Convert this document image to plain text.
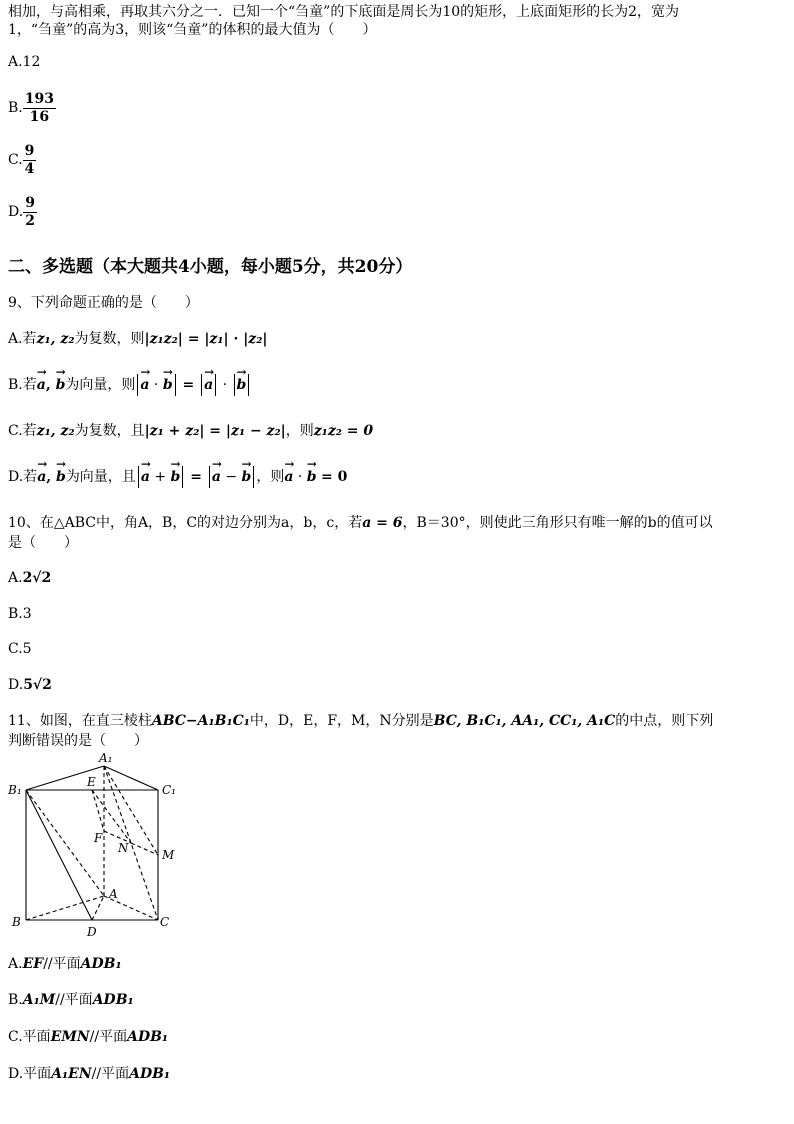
相加，与高相乘，再取其六分之一．已知一个“刍童”的下底面是周长为10的矩形，上底面矩形的长为2，宽为
1，“刍童”的高为3，则该“刍童”的体积的最大值为（　　）
A.12
B. $\frac{193}{16}$
C. $\frac{9}{4}$
D. $\frac{9}{2}$
二、多选题（本大题共4小题，每小题5分，共20分）
9、下列命题正确的是（　　）
A.若z₁, z₂为复数，则|z₁z₂| = |z₁| · |z₂|
B.若→ a, → b为向量，则 → a · → b = → a · → b
C.若z₁, z₂为复数，且|z₁ + z₂| = |z₁ − z₂|，则z₁z₂ = 0
D.若→ a, → b为向量，且 → a + → b = → a − → b ，则→ a · → b = 0
10、在△ABC中，角A，B，C的对边分别为a，b，c，若a = 6，B＝30°，则使此三角形只有唯一解的b的值可以
是（　　）
A.2√2
B.3
C.5
D.5√2
11、如图，在直三棱柱ABC−A₁B₁C₁中，D，E，F，M，N分别是BC, B₁C₁, AA₁, CC₁, A₁C的中点，则下列
判断错误的是（　　）
A₁
B₁	C₁
E
F
N	M
A
B	C
D
A.EF//平面ADB₁
B.A₁M//平面ADB₁
C.平面EMN//平面ADB₁
D.平面A₁EN//平面ADB₁
